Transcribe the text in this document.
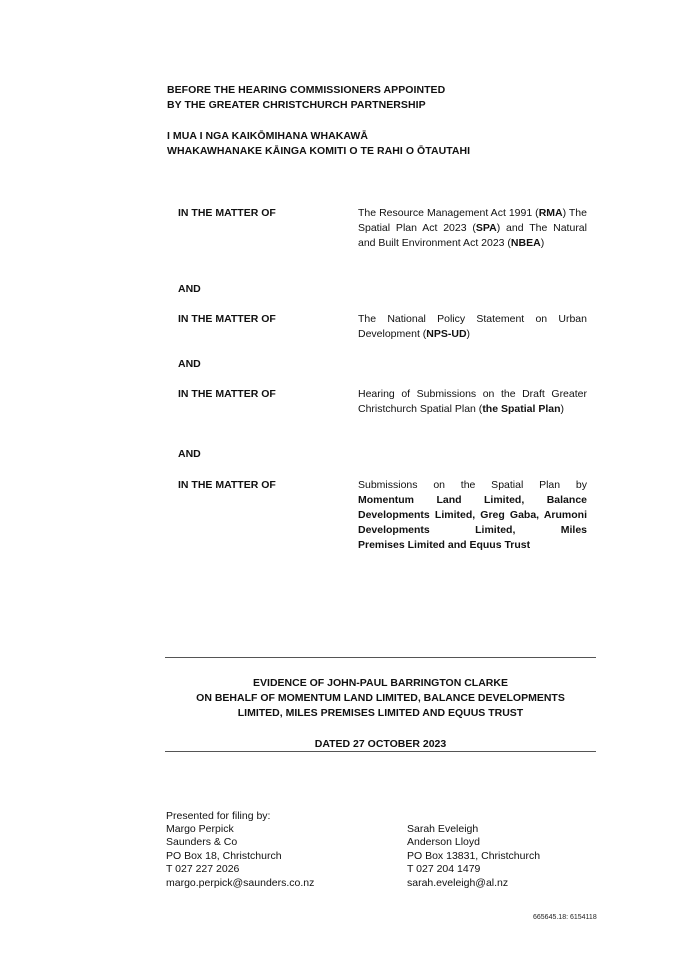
BEFORE THE HEARING COMMISSIONERS APPOINTED
BY THE GREATER CHRISTCHURCH PARTNERSHIP
I MUA I NGA KAIKŌMIHANA WHAKAWĀ
WHAKAWHANAKE KĀINGA KOMITI O TE RAHI O ŌTAUTAHI
IN THE MATTER OF	The Resource Management Act 1991 (RMA) The Spatial Plan Act 2023 (SPA) and The Natural and Built Environment Act 2023 (NBEA)
AND
IN THE MATTER OF	The National Policy Statement on Urban Development (NPS-UD)
AND
IN THE MATTER OF	Hearing of Submissions on the Draft Greater Christchurch Spatial Plan (the Spatial Plan)
AND
IN THE MATTER OF	Submissions on the Spatial Plan by
Momentum Land Limited, Balance Developments Limited, Greg Gaba, Arumoni Developments Limited, Miles
Premises Limited and Equus Trust
EVIDENCE OF JOHN-PAUL BARRINGTON CLARKE
ON BEHALF OF MOMENTUM LAND LIMITED, BALANCE DEVELOPMENTS
LIMITED, MILES PREMISES LIMITED AND EQUUS TRUST
DATED 27 OCTOBER 2023
Presented for filing by:
Margo Perpick
Saunders & Co
PO Box 18, Christchurch
T 027 227 2026
margo.perpick@saunders.co.nz
Sarah Eveleigh
Anderson Lloyd
PO Box 13831, Christchurch
T 027 204 1479
sarah.eveleigh@al.nz
665645.18: 6154118
